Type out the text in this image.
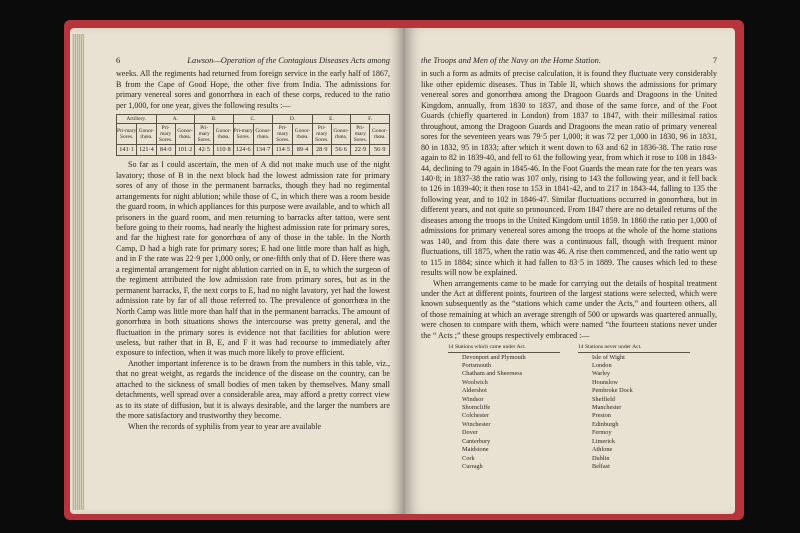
6	Lawson—Operation of the Contagious Diseases Acts among

weeks. All the regiments had returned from foreign service in the early half of 1867, B from the Cape of Good Hope, the other five from India. The admissions for primary venereal sores and gonorrhœa in each of these corps, reduced to the ratio per 1,000, for one year, gives the following results :—

Artillery.		A.		B.		C.		D.		E.		F.	
Pri-mary Sores.	Gonor-rhœa.	Pri-mary Sores.	Gonor-rhœa.	Pri-mary Sores.	Gonor-rhœa.	Pri-mary Sores.	Gonor-rhœa.	Pri-mary Sores.	Gonor-rhœa.	Pri-mary Sores.	Gonor-rhœa.	Pri-mary Sores.	Gonor-rhœa.
141·1	121·4	84·0	101·2	42·5	110·8	124·6	134·7	114·5	89·4	28·9	56·6	22·9	56·9

So far as I could ascertain, the men of A did not make much use of the night lavatory; those of B in the next block had the lowest admission rate for primary sores of any of those in the permanent barracks, though they had no regimental arrangements for night ablution; while those of C, in which there was a room beside the guard room, in which appliances for this purpose were available, and to which all prisoners in the guard room, and men returning to barracks after tattoo, were sent before going to their rooms, had nearly the highest admission rate for primary sores, and far the highest rate for gonorrhœa of any of those in the table. In the North Camp, D had a high rate for primary sores; E had one little more than half as high, and in F the rate was 22·9 per 1,000 only, or one-fifth only that of D. Here there was a regimental arrangement for night ablution carried on in E, to which the surgeon of the regiment attributed the low admission rate from primary sores, but as in the permanent barracks, F, the next corps to E, had no night lavatory, yet had the lowest admission rate by far of all those referred to. The prevalence of gonorrhœa in the North Camp was little more than half that in the permanent barracks. The amount of gonorrhœa in both situations shows the intercourse was pretty general, and the fluctuation in the primary sores is evidence not that facilities for ablution were useless, but rather that in B, E, and F it was had recourse to immediately after exposure to infection, when it was much more likely to prove efficient.

Another important inference is to be drawn from the numbers in this table, viz., that no great weight, as regards the incidence of the disease on the country, can be attached to the sickness of small bodies of men taken by themselves. Many small detachments, well spread over a considerable area, may afford a pretty correct view as to its state of diffusion, but it is always desirable, and the larger the numbers are the more satisfactory and trustworthy they become.

When the records of syphilis from year to year are available

the Troops and Men of the Navy on the Home Station.	7

in such a form as admits of precise calculation, it is found they fluctuate very considerably like other epidemic diseases. Thus in Table II, which shows the admissions for primary venereal sores and gonorrhœa among the Dragoon Guards and Dragoons in the United Kingdom, annually, from 1830 to 1837, and those of the same force, and of the Foot Guards (chiefly quartered in London) from 1837 to 1847, with their millesimal ratios throughout, among the Dragoon Guards and Dragoons the mean ratio of primary venereal sores for the seventeen years was 79·5 per 1,000; it was 72 per 1,000 in 1830, 96 in 1831, 80 in 1832, 95 in 1833; after which it went down to 63 and 62 in 1836-38. The ratio rose again to 82 in 1839-40, and fell to 61 the following year, from which it rose to 108 in 1843-44, declining to 79 again in 1845-46. In the Foot Guards the mean rate for the ten years was 140·8; in 1837-38 the ratio was 107 only, rising to 143 the following year, and it fell back to 126 in 1839-40; it then rose to 153 in 1841-42, and to 217 in 1843-44, falling to 135 the following year, and to 102 in 1846-47. Similar fluctuations occurred in gonorrhœa, but in different years, and not quite so pronounced. From 1847 there are no detailed returns of the diseases among the troops in the United Kingdom until 1859. In 1860 the ratio per 1,000 of admissions for primary venereal sores among the troops at the whole of the home stations was 140, and from this date there was a continuous fall, though with frequent minor fluctuations, till 1875, when the ratio was 46. A rise then commenced, and the ratio went up to 115 in 1884; since which it had fallen to 83·5 in 1889. The causes which led to these results will now be explained.

When arrangements came to be made for carrying out the details of hospital treatment under the Act at different points, fourteen of the largest stations were selected, which were known subsequently as the “stations which came under the Acts,” and fourteen others, all of those remaining at which an average strength of 500 or upwards was quartered annually, were chosen to compare with them, which were named “the fourteen stations never under the “ Acts ;” these groups respectively embraced :—

14 Stations which came under Act.
Devonport and Plymouth
Portsmouth
Chatham and Sheerness
Woolwich
Aldershot
Windsor
Shorncliffe
Colchester
Winchester
Dover
Canterbury
Maidstone
Cork
Curragh
14 Stations never under Act.
Isle of Wight
London
Warley
Hounslow
Pembroke Dock
Sheffield
Manchester
Preston
Edinburgh
Fermoy
Limerick
Athlone
Dublin
Belfast
